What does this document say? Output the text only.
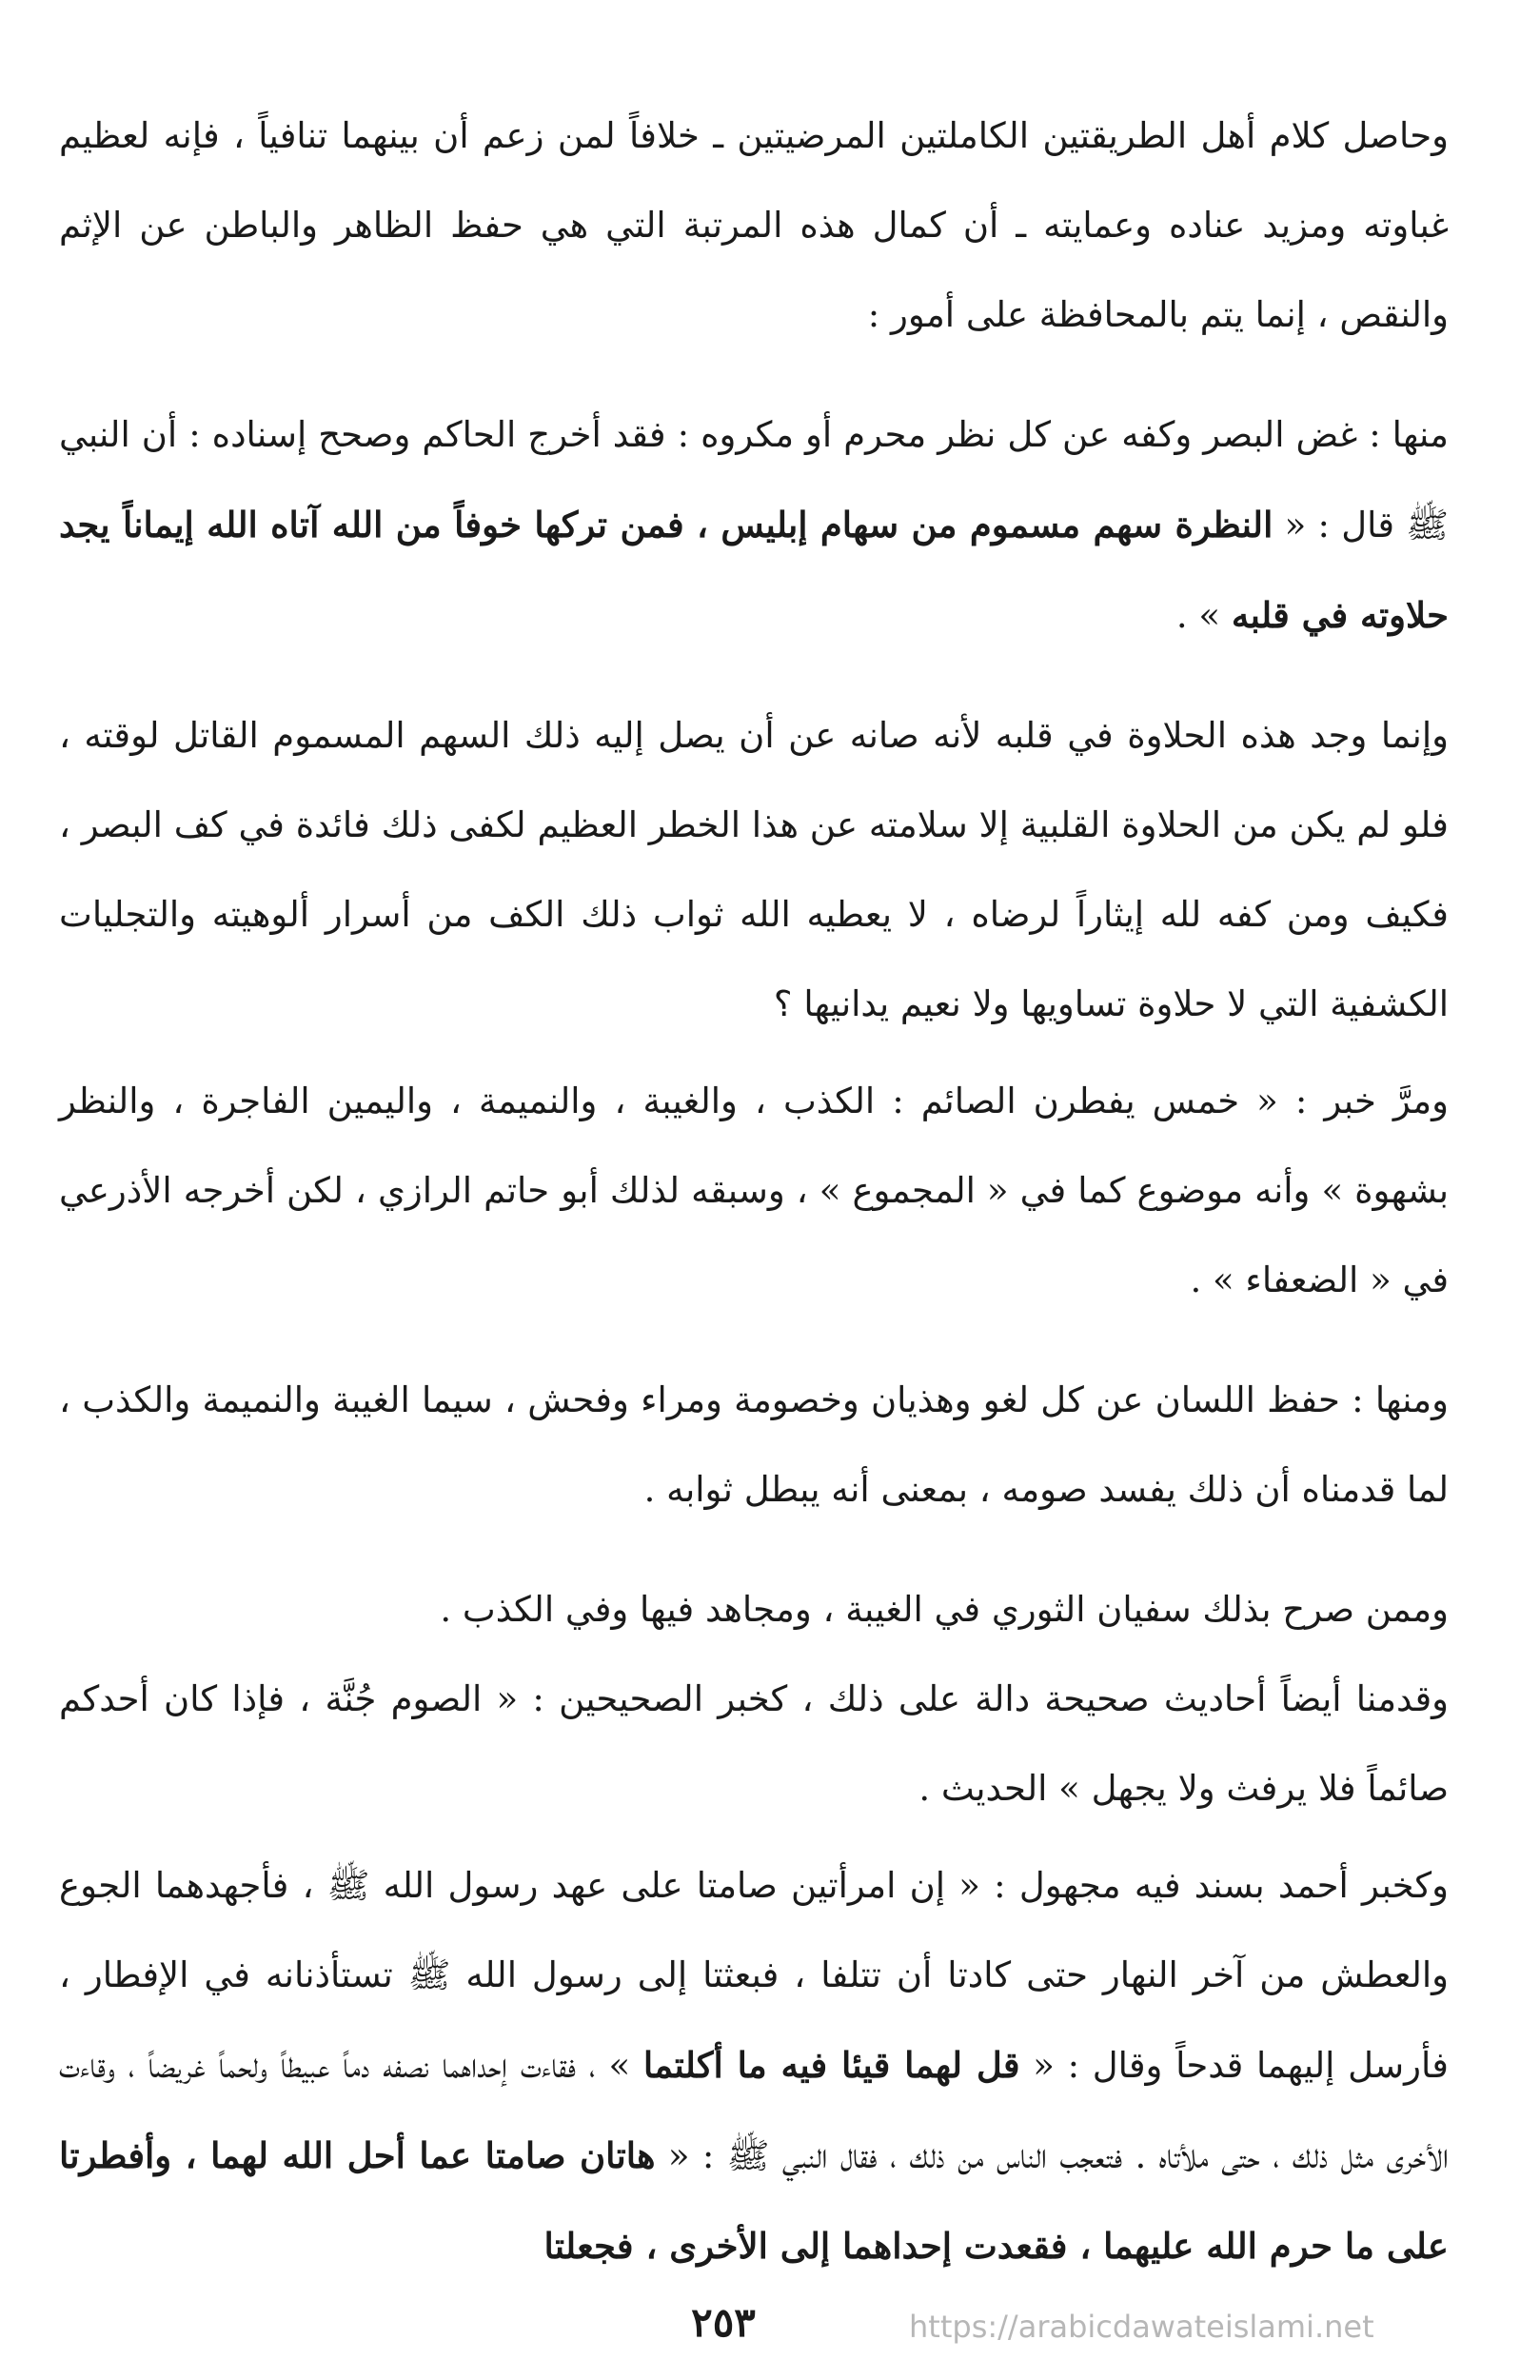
وحاصل كلام أهل الطريقتين الكاملتين المرضيتين ـ خلافاً لمن زعم أن بينهما تنافياً ، فإنه لعظيم غباوته ومزيد عناده وعمايته ـ أن كمال هذه المرتبة التي هي حفظ الظاهر والباطن عن الإثم والنقص ، إنما يتم بالمحافظة على أمور :

منها : غض البصر وكفه عن كل نظر محرم أو مكروه : فقد أخرج الحاكم وصحح إسناده : أن النبي ﷺ قال : « النظرة سهم مسموم من سهام إبليس ، فمن تركها خوفاً من الله آتاه الله إيماناً يجد حلاوته في قلبه » .

وإنما وجد هذه الحلاوة في قلبه لأنه صانه عن أن يصل إليه ذلك السهم المسموم القاتل لوقته ، فلو لم يكن من الحلاوة القلبية إلا سلامته عن هذا الخطر العظيم لكفى ذلك فائدة في كف البصر ، فكيف ومن كفه لله إيثاراً لرضاه ، لا يعطيه الله ثواب ذلك الكف من أسرار ألوهيته والتجليات الكشفية التي لا حلاوة تساويها ولا نعيم يدانيها ؟

ومرَّ خبر : « خمس يفطرن الصائم : الكذب ، والغيبة ، والنميمة ، واليمين الفاجرة ، والنظر بشهوة » وأنه موضوع كما في « المجموع » ، وسبقه لذلك أبو حاتم الرازي ، لكن أخرجه الأذرعي في « الضعفاء » .

ومنها : حفظ اللسان عن كل لغو وهذيان وخصومة ومراء وفحش ، سيما الغيبة والنميمة والكذب ، لما قدمناه أن ذلك يفسد صومه ، بمعنى أنه يبطل ثوابه .

وممن صرح بذلك سفيان الثوري في الغيبة ، ومجاهد فيها وفي الكذب .

وقدمنا أيضاً أحاديث صحيحة دالة على ذلك ، كخبر الصحيحين : « الصوم جُنَّة ، فإذا كان أحدكم صائماً فلا يرفث ولا يجهل » الحديث .

وكخبر أحمد بسند فيه مجهول : « إن امرأتين صامتا على عهد رسول الله ﷺ ، فأجهدهما الجوع والعطش من آخر النهار حتى كادتا أن تتلفا ، فبعثتا إلى رسول الله ﷺ تستأذنانه في الإفطار ، فأرسل إليهما قدحاً وقال : « قل لهما قيئا فيه ما أكلتما » ، فقاءت إحداهما نصفه دماً عبيطاً ولحماً غريضاً ، وقاءت الأخرى مثل ذلك ، حتى ملأتاه . فتعجب الناس من ذلك ، فقال النبي ﷺ : « هاتان صامتا عما أحل الله لهما ، وأفطرتا على ما حرم الله عليهما ، فقعدت إحداهما إلى الأخرى ، فجعلتا

٢٥٣	https://arabicdawateislami.net
